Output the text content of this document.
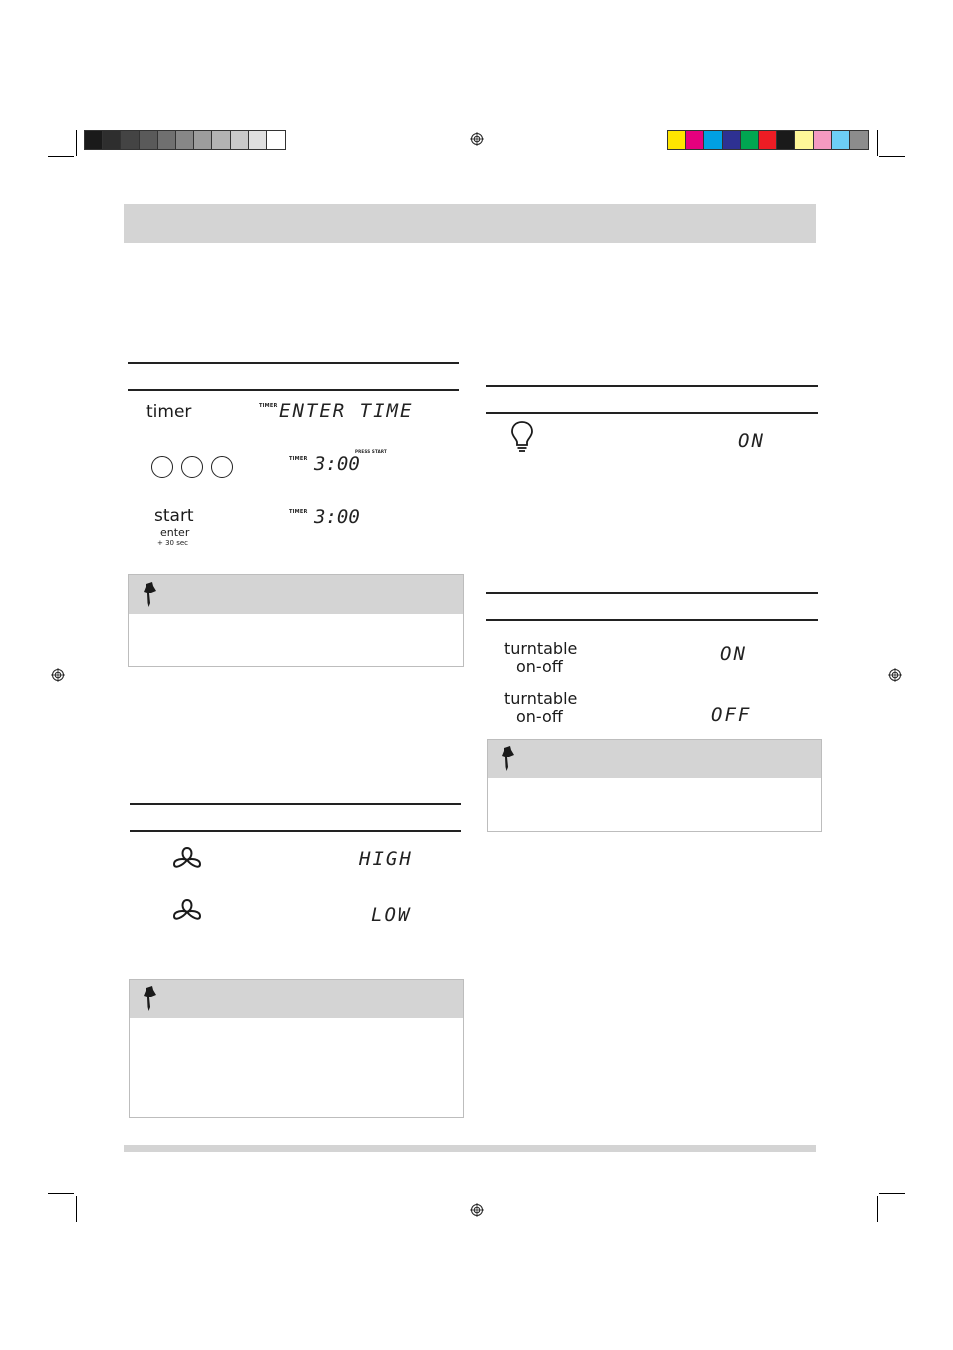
timer	TIMER ENTER TIME
TIMER 3:00
PRESS START
start
enter
+ 30 sec
TIMER 3:00
HIGH
LOW
ON
turntable
on-off
ON
turntable
on-off	OFF
